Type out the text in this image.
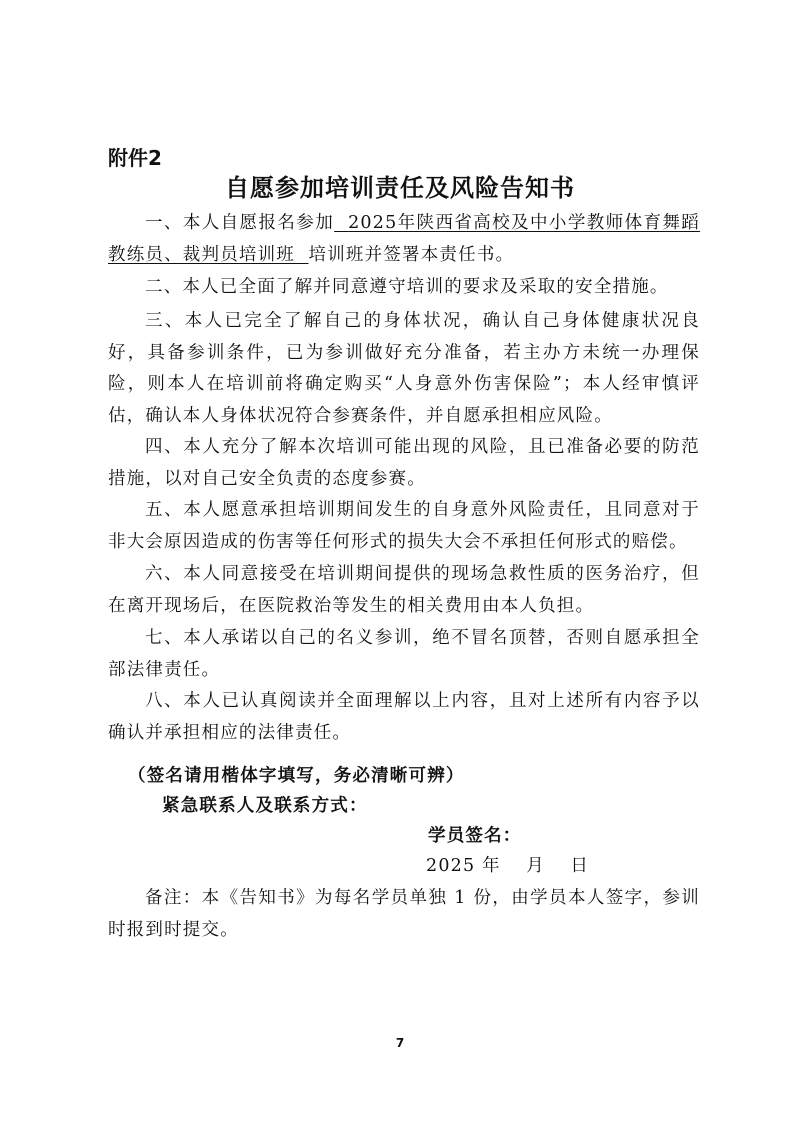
附件2
自愿参加培训责任及风险告知书

一、本人自愿报名参加 2025年陕西省高校及中小学教师体育舞蹈教练员、裁判员培训班 培训班并签署本责任书。

二、本人已全面了解并同意遵守培训的要求及采取的安全措施。

三、本人已完全了解自己的身体状况，确认自己身体健康状况良好，具备参训条件，已为参训做好充分准备，若主办方未统一办理保险，则本人在培训前将确定购买“人身意外伤害保险”；本人经审慎评估，确认本人身体状况符合参赛条件，并自愿承担相应风险。

四、本人充分了解本次培训可能出现的风险，且已准备必要的防范措施，以对自己安全负责的态度参赛。

五、本人愿意承担培训期间发生的自身意外风险责任，且同意对于非大会原因造成的伤害等任何形式的损失大会不承担任何形式的赔偿。

六、本人同意接受在培训期间提供的现场急救性质的医务治疗，但在离开现场后，在医院救治等发生的相关费用由本人负担。

七、本人承诺以自己的名义参训，绝不冒名顶替，否则自愿承担全部法律责任。

八、本人已认真阅读并全面理解以上内容，且对上述所有内容予以确认并承担相应的法律责任。

（签名请用楷体字填写，务必清晰可辨）
紧急联系人及联系方式：
学员签名：
2025 年　 月　 日

备注：本《告知书》为每名学员单独 1 份，由学员本人签字，参训时报到时提交。

7
